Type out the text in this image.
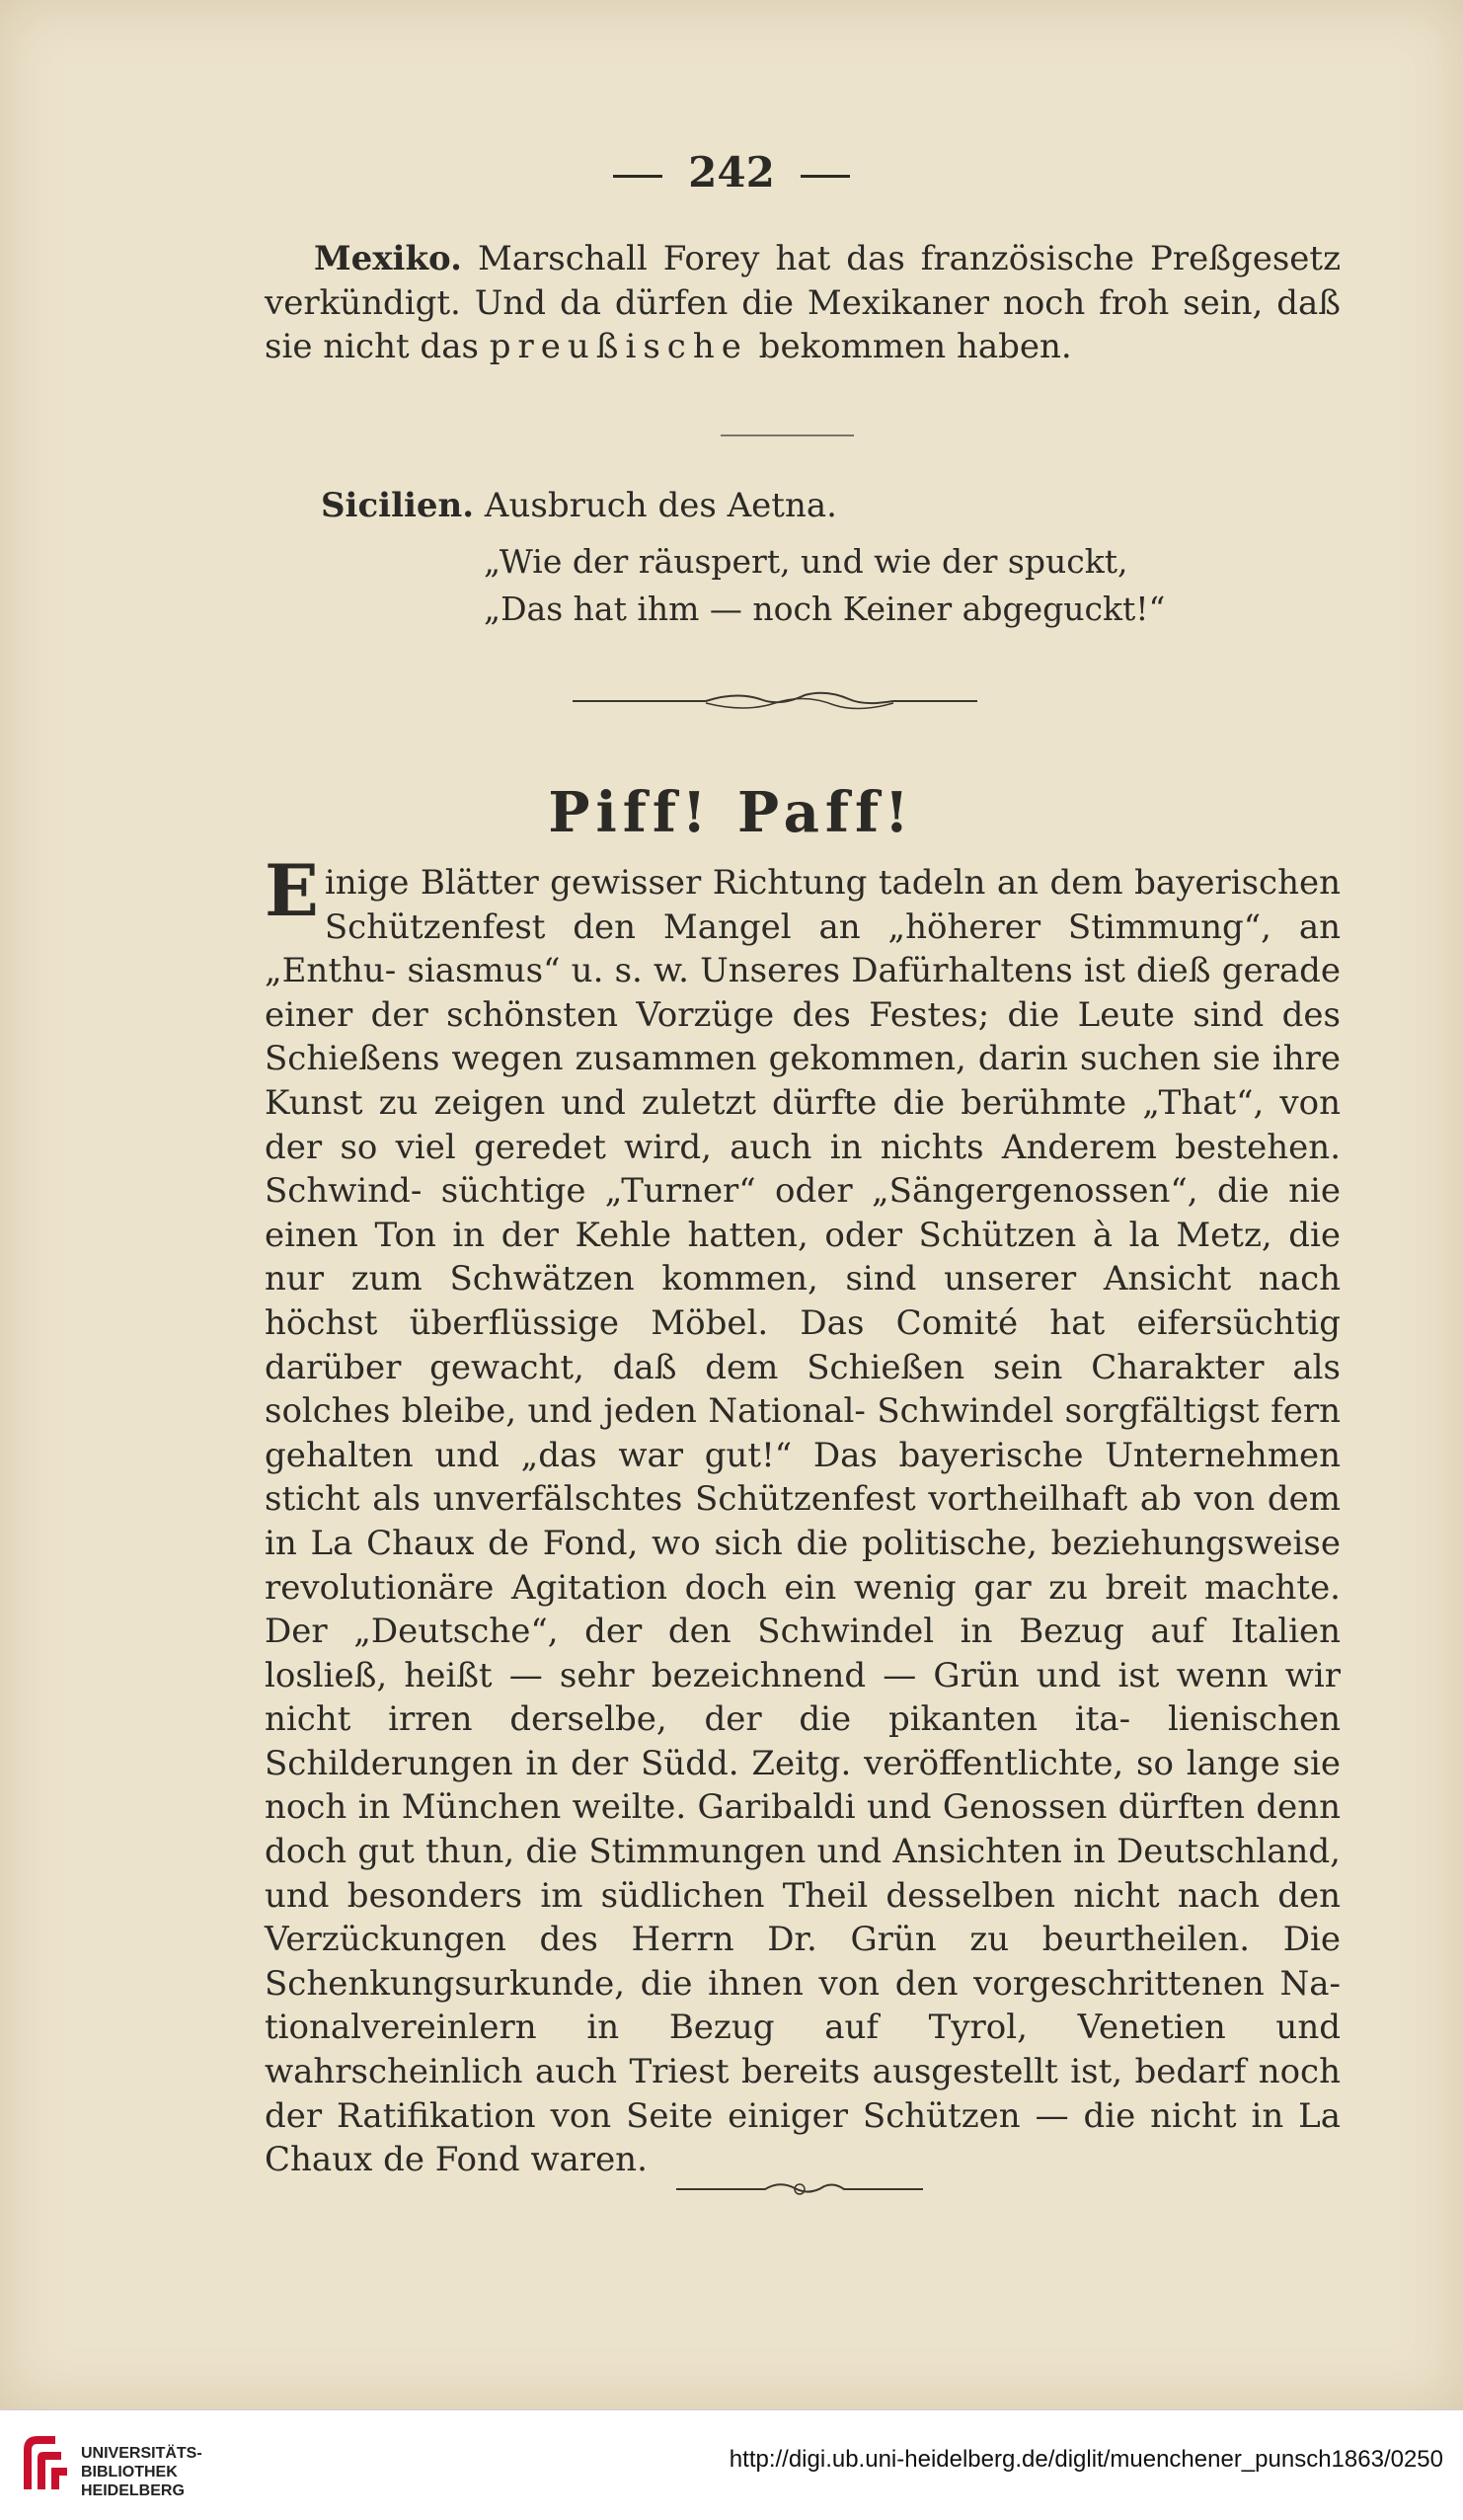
242
Mexiko. Marschall Forey hat das französische Preßgesetz verkündigt. Und da dürfen die Mexikaner noch froh sein, daß sie nicht das preußische bekommen haben.
Sicilien. Ausbruch des Aetna.
„Wie der räuspert, und wie der spuckt,
„Das hat ihm — noch Keiner abgeguckt!“
Piff! Paff!
E inige Blätter gewisser Richtung tadeln an dem bayerischen Schützenfest den Mangel an „höherer Stimmung“, an „Enthu- siasmus“ u. s. w. Unseres Dafürhaltens ist dieß gerade einer der schönsten Vorzüge des Festes; die Leute sind des Schießens wegen zusammen gekommen, darin suchen sie ihre Kunst zu zeigen und zuletzt dürfte die berühmte „That“, von der so viel geredet wird, auch in nichts Anderem bestehen. Schwind- süchtige „Turner“ oder „Sängergenossen“, die nie einen Ton in der Kehle hatten, oder Schützen à la Metz, die nur zum Schwätzen kommen, sind unserer Ansicht nach höchst überflüssige Möbel. Das Comité hat eifersüchtig darüber gewacht, daß dem Schießen sein Charakter als solches bleibe, und jeden National- Schwindel sorgfältigst fern gehalten und „das war gut!“ Das bayerische Unternehmen sticht als unverfälschtes Schützenfest vortheilhaft ab von dem in La Chaux de Fond, wo sich die politische, beziehungsweise revolutionäre Agitation doch ein wenig gar zu breit machte. Der „Deutsche“, der den Schwindel in Bezug auf Italien losließ, heißt — sehr bezeichnend — Grün und ist wenn wir nicht irren derselbe, der die pikanten ita- lienischen Schilderungen in der Südd. Zeitg. veröffentlichte, so lange sie noch in München weilte. Garibaldi und Genossen dürften denn doch gut thun, die Stimmungen und Ansichten in Deutschland, und besonders im südlichen Theil desselben nicht nach den Verzückungen des Herrn Dr. Grün zu beurtheilen. Die Schenkungsurkunde, die ihnen von den vorgeschrittenen Na- tionalvereinlern in Bezug auf Tyrol, Venetien und wahrscheinlich auch Triest bereits ausgestellt ist, bedarf noch der Ratifikation von Seite einiger Schützen — die nicht in La Chaux de Fond waren.
UNIVERSITÄTS-
BIBLIOTHEK
HEIDELBERG
http://digi.ub.uni-heidelberg.de/diglit/muenchener_punsch1863/0250
